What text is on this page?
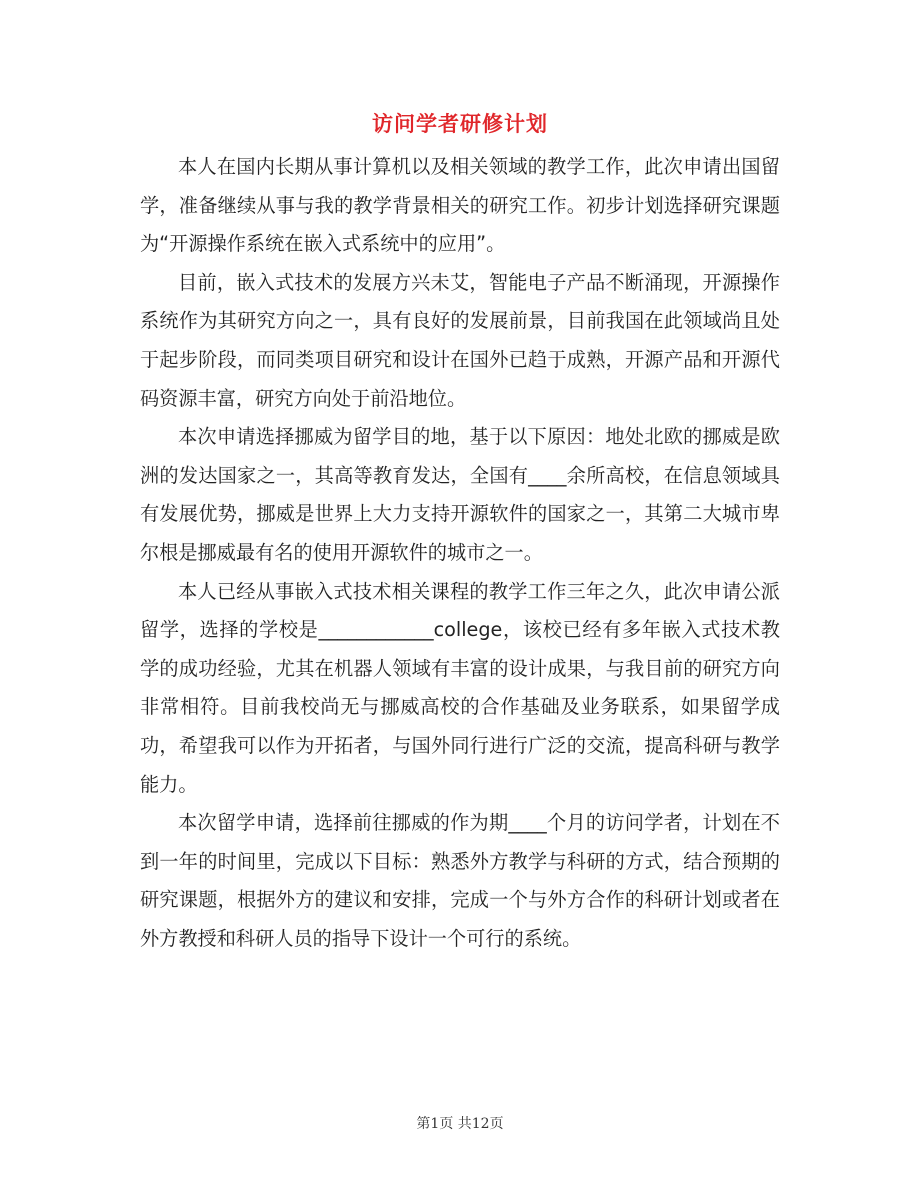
访问学者研修计划

本人在国内长期从事计算机以及相关领域的教学工作，此次申请出国留学，准备继续从事与我的教学背景相关的研究工作。初步计划选择研究课题为“开源操作系统在嵌入式系统中的应用”。

目前，嵌入式技术的发展方兴未艾，智能电子产品不断涌现，开源操作系统作为其研究方向之一，具有良好的发展前景，目前我国在此领域尚且处于起步阶段，而同类项目研究和设计在国外已趋于成熟，开源产品和开源代码资源丰富，研究方向处于前沿地位。

本次申请选择挪威为留学目的地，基于以下原因：地处北欧的挪威是欧洲的发达国家之一，其高等教育发达，全国有____余所高校，在信息领域具有发展优势，挪威是世界上大力支持开源软件的国家之一，其第二大城市卑尔根是挪威最有名的使用开源软件的城市之一。

本人已经从事嵌入式技术相关课程的教学工作三年之久，此次申请公派留学，选择的学校是____________college，该校已经有多年嵌入式技术教学的成功经验，尤其在机器人领域有丰富的设计成果，与我目前的研究方向非常相符。目前我校尚无与挪威高校的合作基础及业务联系，如果留学成功，希望我可以作为开拓者，与国外同行进行广泛的交流，提高科研与教学能力。

本次留学申请，选择前往挪威的作为期____个月的访问学者，计划在不到一年的时间里，完成以下目标：熟悉外方教学与科研的方式，结合预期的研究课题，根据外方的建议和安排，完成一个与外方合作的科研计划或者在外方教授和科研人员的指导下设计一个可行的系统。

第1页 共12页
